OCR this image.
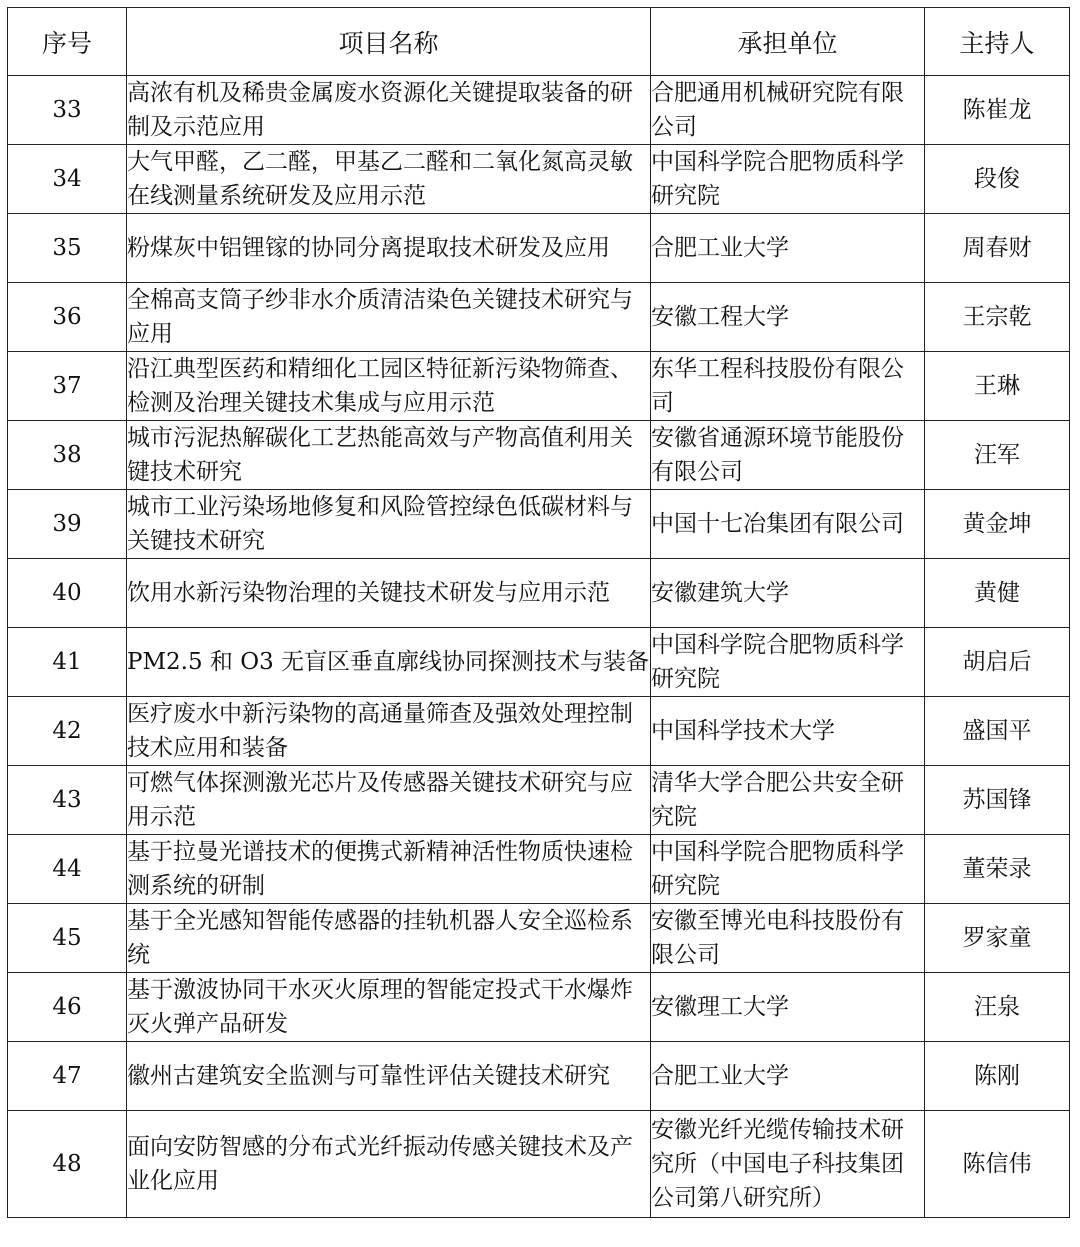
序号	项目名称	承担单位	主持人
33	高浓有机及稀贵金属废水资源化关键提取装备的研制及示范应用	合肥通用机械研究院有限公司	陈崔龙
34	大气甲醛，乙二醛，甲基乙二醛和二氧化氮高灵敏在线测量系统研发及应用示范	中国科学院合肥物质科学研究院	段俊
35	粉煤灰中铝锂镓的协同分离提取技术研发及应用	合肥工业大学	周春财
36	全棉高支筒子纱非水介质清洁染色关键技术研究与应用	安徽工程大学	王宗乾
37	沿江典型医药和精细化工园区特征新污染物筛查、检测及治理关键技术集成与应用示范	东华工程科技股份有限公司	王琳
38	城市污泥热解碳化工艺热能高效与产物高值利用关键技术研究	安徽省通源环境节能股份有限公司	汪军
39	城市工业污染场地修复和风险管控绿色低碳材料与关键技术研究	中国十七冶集团有限公司	黄金坤
40	饮用水新污染物治理的关键技术研发与应用示范	安徽建筑大学	黄健
41	PM2.5 和 O3 无盲区垂直廓线协同探测技术与装备	中国科学院合肥物质科学研究院	胡启后
42	医疗废水中新污染物的高通量筛查及强效处理控制技术应用和装备	中国科学技术大学	盛国平
43	可燃气体探测激光芯片及传感器关键技术研究与应用示范	清华大学合肥公共安全研究院	苏国锋
44	基于拉曼光谱技术的便携式新精神活性物质快速检测系统的研制	中国科学院合肥物质科学研究院	董荣录
45	基于全光感知智能传感器的挂轨机器人安全巡检系统	安徽至博光电科技股份有限公司	罗家童
46	基于激波协同干水灭火原理的智能定投式干水爆炸灭火弹产品研发	安徽理工大学	汪泉
47	徽州古建筑安全监测与可靠性评估关键技术研究	合肥工业大学	陈刚
48	面向安防智感的分布式光纤振动传感关键技术及产业化应用	安徽光纤光缆传输技术研究所（中国电子科技集团公司第八研究所）	陈信伟
